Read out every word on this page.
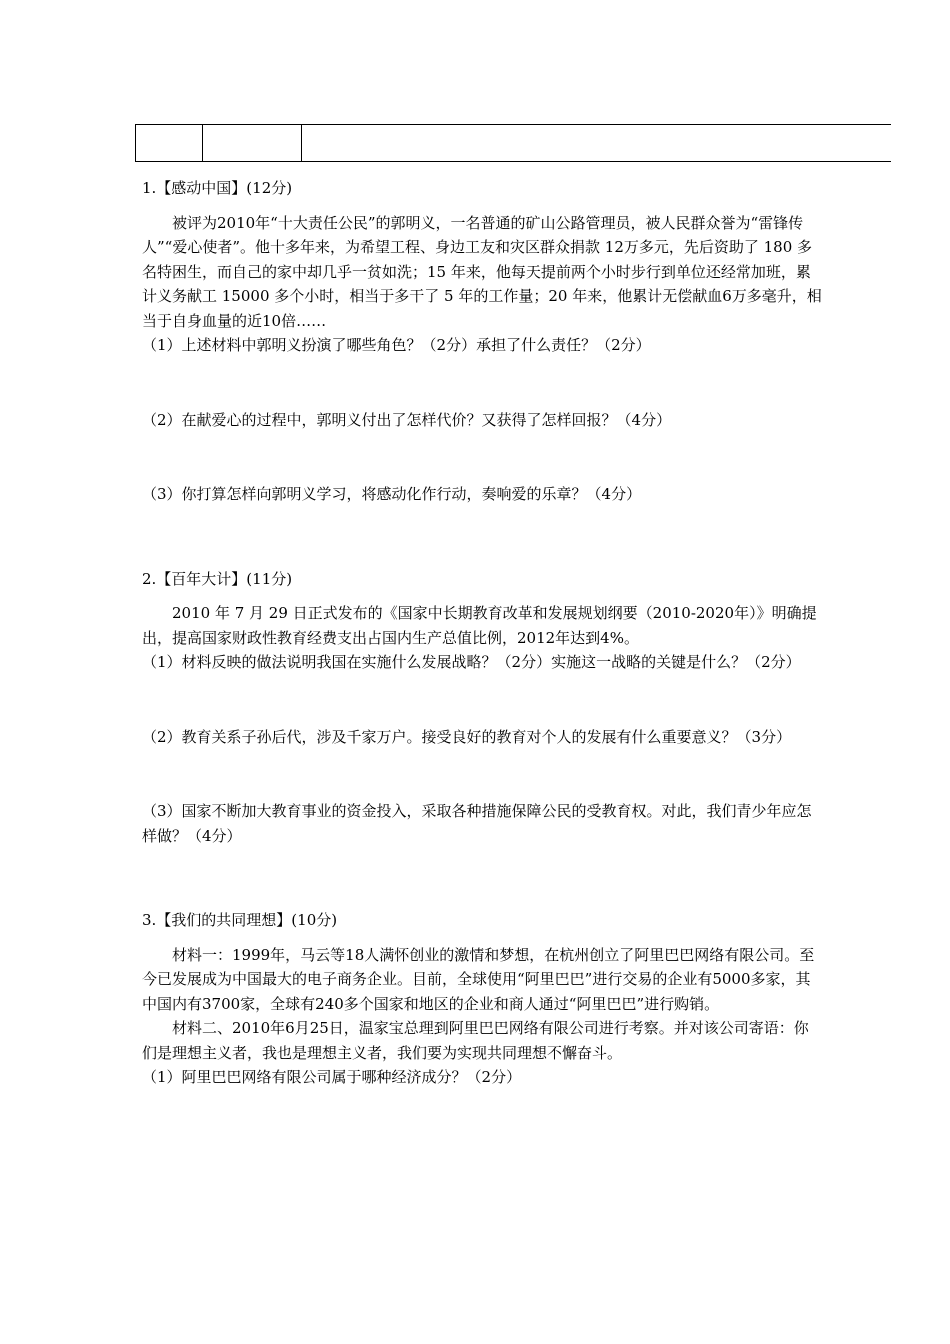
1.【感动中国】(12分)

被评为2010年“十大责任公民”的郭明义，一名普通的矿山公路管理员，被人民群众誉为“雷锋传人”“爱心使者”。他十多年来，为希望工程、身边工友和灾区群众捐款 12万多元，先后资助了 180 多名特困生，而自己的家中却几乎一贫如洗；15 年来，他每天提前两个小时步行到单位还经常加班，累计义务献工 15000 多个小时，相当于多干了 5 年的工作量；20 年来，他累计无偿献血6万多毫升，相当于自身血量的近10倍……

（1）上述材料中郭明义扮演了哪些角色？（2分）承担了什么责任？（2分）

（2）在献爱心的过程中，郭明义付出了怎样代价？又获得了怎样回报？（4分）

（3）你打算怎样向郭明义学习，将感动化作行动，奏响爱的乐章？（4分）

2.【百年大计】(11分)

2010 年 7 月 29 日正式发布的《国家中长期教育改革和发展规划纲要（2010-2020年）》明确提出，提高国家财政性教育经费支出占国内生产总值比例，2012年达到4%。

（1）材料反映的做法说明我国在实施什么发展战略？（2分）实施这一战略的关键是什么？（2分）

（2）教育关系子孙后代，涉及千家万户。接受良好的教育对个人的发展有什么重要意义？（3分）

（3）国家不断加大教育事业的资金投入，采取各种措施保障公民的受教育权。对此，我们青少年应怎样做？（4分）

3.【我们的共同理想】(10分)

材料一：1999年，马云等18人满怀创业的激情和梦想，在杭州创立了阿里巴巴网络有限公司。至今已发展成为中国最大的电子商务企业。目前，全球使用“阿里巴巴”进行交易的企业有5000多家，其中国内有3700家，全球有240多个国家和地区的企业和商人通过“阿里巴巴”进行购销。

材料二、2010年6月25日，温家宝总理到阿里巴巴网络有限公司进行考察。并对该公司寄语：你们是理想主义者，我也是理想主义者，我们要为实现共同理想不懈奋斗。

（1）阿里巴巴网络有限公司属于哪种经济成分？（2分）
